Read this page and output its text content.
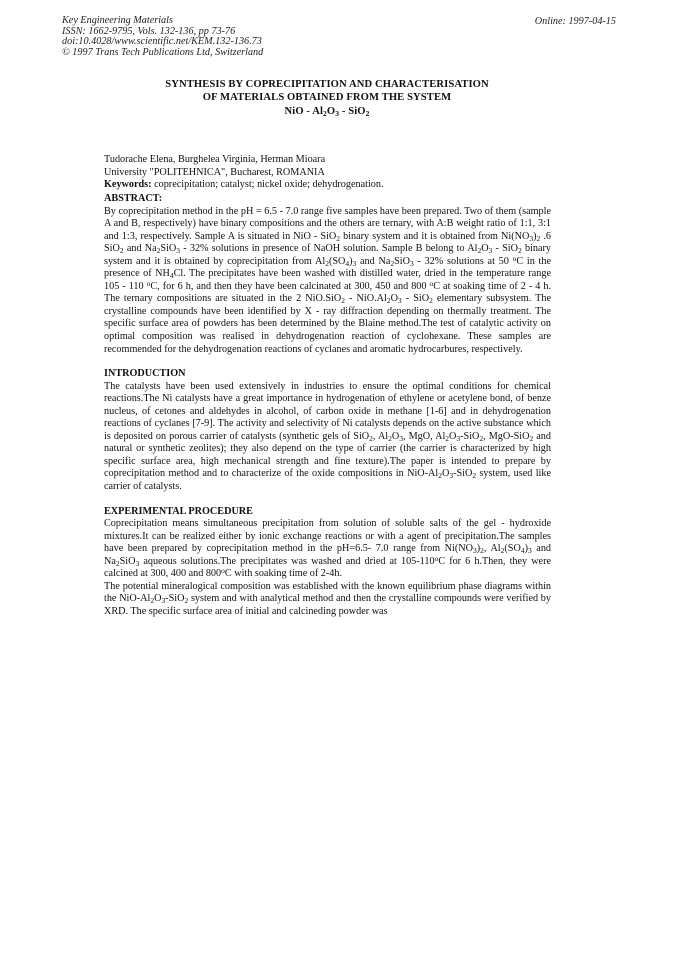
Key Engineering Materials
ISSN: 1662-9795, Vols. 132-136, pp 73-76
doi:10.4028/www.scientific.net/KEM.132-136.73
© 1997 Trans Tech Publications Ltd, Switzerland
Online: 1997-04-15
SYNTHESIS BY COPRECIPITATION AND CHARACTERISATION
OF MATERIALS OBTAINED FROM THE SYSTEM
NiO - $Al_2O_3 - SiO_2$
Tudorache Elena, Burghelea Virginia, Herman Mioara
University "POLITEHNICA", Bucharest, ROMANIA
Keywords: coprecipitation; catalyst; nickel oxide; dehydrogenation.
ABSTRACT:
By coprecipitation method in the pH = 6.5 - 7.0 range five samples have been prepared. Two of them (sample A and B, respectively) have binary compositions and the others are ternary, with A:B weight ratio of 1:1, 3:1 and 1:3, respectively. Sample A is situated in NiO - SiO$_2$ binary system and it is obtained from $Ni(NO_3)_2$ .6 SiO$_2$ and $Na_2SiO_3 - 32\%$ solutions in presence of NaOH solution. Sample B belong to $Al_2O_3 - SiO_2$ binary system and it is obtained by coprecipitation from $Al_2(SO_4)_3$ and $Na_2SiO_3 - 32\%$ solutions at 50 $^o$C in the presence of $NH_4Cl$. The precipitates have been washed with distilled water, dried in the temperature range 105 - 110 $^o$C, for 6 h, and then they have been calcinated at 300, 450 and 800 $^o$C at soaking time of 2 - 4 h. The ternary compositions are situated in the 2 $NiO.SiO_2 - NiO.Al_2O_3 - SiO_2$ elementary subsystem. The crystalline compounds have been identified by X - ray diffraction depending on thermally treatment. The specific surface area of powders has been determined by the Blaine method.The test of catalytic activity on optimal composition was realised in dehydrogenation reaction of cyclohexane. These samples are recommended for the dehydrogenation reactions of cyclanes and aromatic hydrocarbures, respectively.
INTRODUCTION
The catalysts have been used extensively in industries to ensure the optimal conditions for chemical reactions.The Ni catalysts have a great importance in hydrogenation of ethylene or acetylene bond, of benze nucleus, of cetones and aldehydes in alcohol, of carbon oxide in methane [1-6] and in dehydrogenation reactions of cyclanes [7-9]. The activity and selectivity of Ni catalysts depends on the active substance which is deposited on porous carrier of catalysts (synthetic gels of SiO$_2$, $Al_2O_3$, MgO, $Al_2O_3-SiO_2$, MgO-SiO$_2$ and natural or synthetic zeolites); they also depend on the type of carrier (the carrier is characterized by high specific surface area, high mechanical strength and fine texture).The paper is intended to prepare by coprecipitation method and to characterize of the oxide compositions in NiO-$Al_2O_3-SiO_2$ system, used like carrier of catalysts.
EXPERIMENTAL PROCEDURE
Coprecipitation means simultaneous precipitation from solution of soluble salts of the gel - hydroxide mixtures.It can be realized either by ionic exchange reactions or with a agent of precipitation.The samples have been prepared by coprecipitation method in the pH=6.5- 7.0 range from $Ni(NO_3)_2$, $Al_2(SO_4)_3$ and $Na_2SiO_3$ aqueous solutions.The precipitates was washed and dried at 105-110$^o$C for 6 h.Then, they were calcined at 300, 400 and 800$^o$C with soaking time of 2-4h.
The potential mineralogical composition was established with the known equilibrium phase diagrams within the NiO-$Al_2O_3-SiO_2$ system and with analytical method and then the crystalline compounds were verified by XRD. The specific surface area of initial and calcineding powder was
